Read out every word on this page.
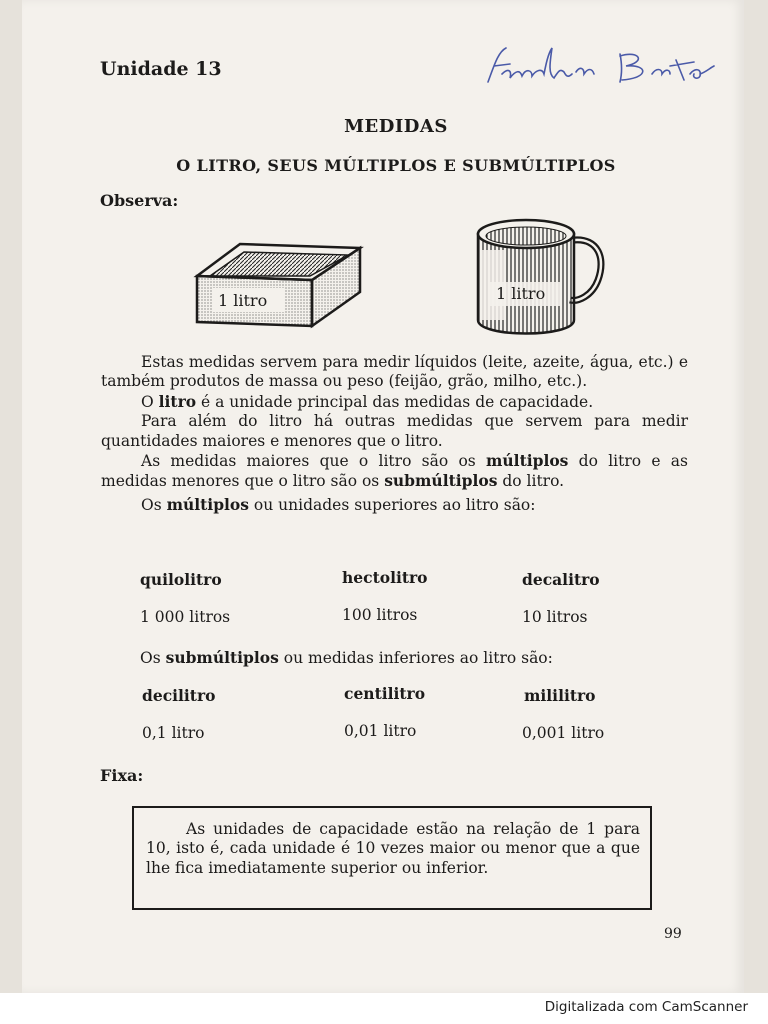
Unidade 13
MEDIDAS
O LITRO, SEUS MÚLTIPLOS E SUBMÚLTIPLOS
Observa:
1 litro	1 litro

Estas medidas servem para medir líquidos (leite, azeite, água, etc.) e também produtos de massa ou peso (feijão, grão, milho, etc.).

O litro é a unidade principal das medidas de capacidade.

Para além do litro há outras medidas que servem para medir quantidades maiores e menores que o litro.

As medidas maiores que o litro são os múltiplos do litro e as medidas menores que o litro são os submúltiplos do litro.

Os múltiplos ou unidades superiores ao litro são:

quilolitro	hectolitro	decalitro
1 000 litros	100 litros	10 litros
Os submúltiplos ou medidas inferiores ao litro são:
decilitro	centilitro	mililitro
0,1 litro	0,01 litro	0,001 litro
Fixa:

As unidades de capacidade estão na relação de 1 para 10, isto é, cada unidade é 10 vezes maior ou menor que a que lhe fica imediatamente superior ou inferior.

99
Digitalizada com CamScanner
